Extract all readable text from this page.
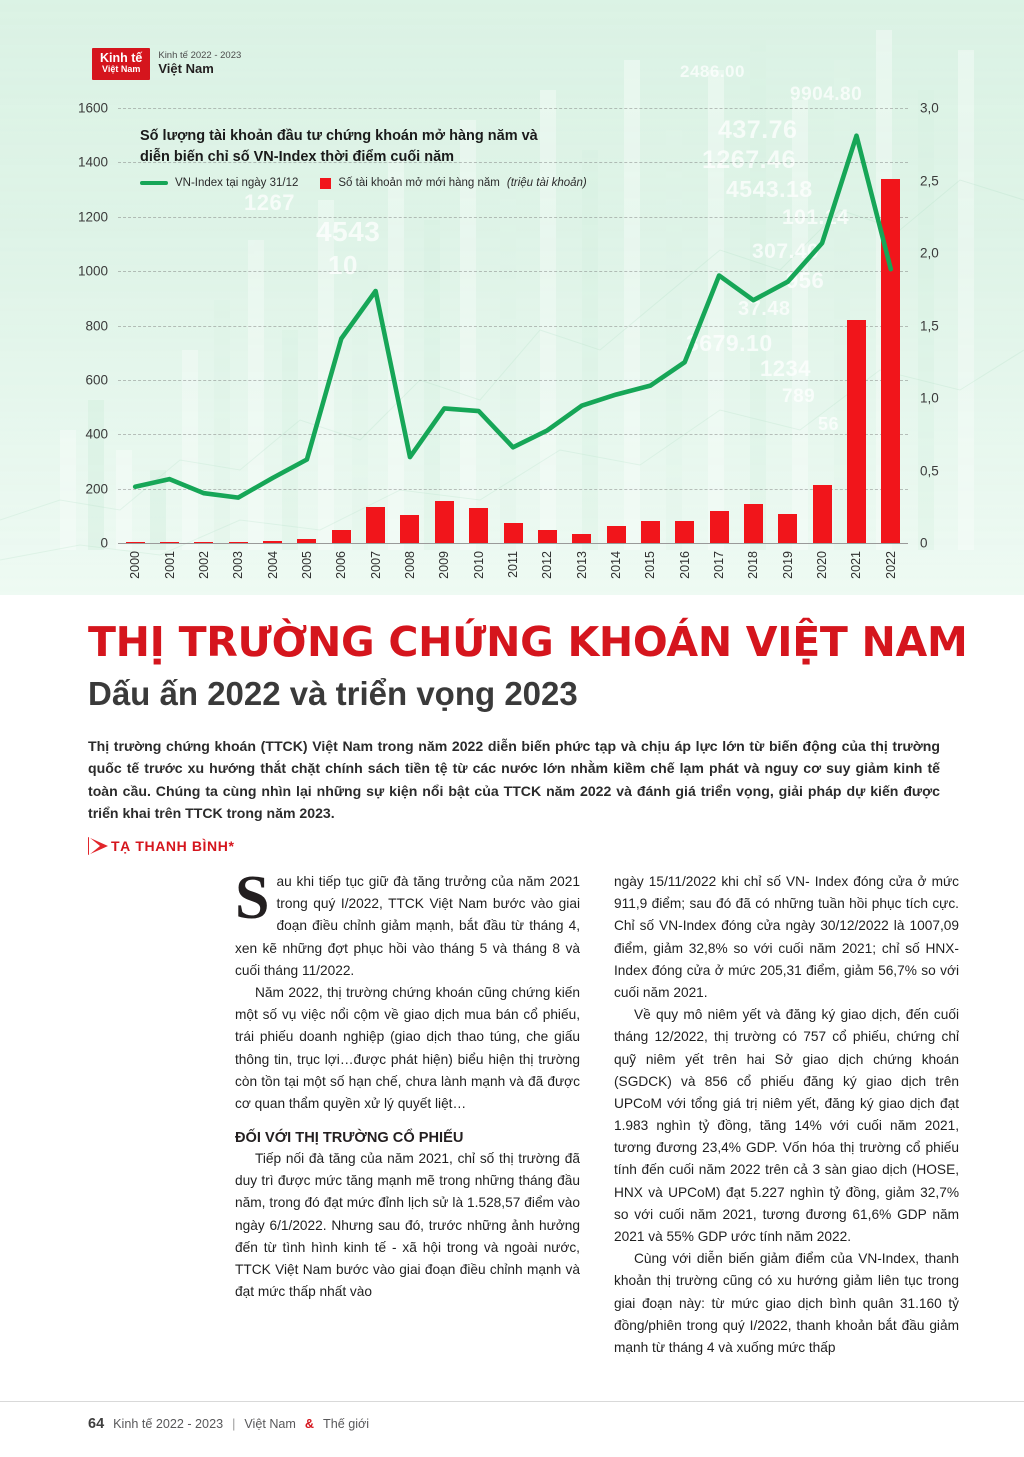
2486.00
9904.80
437.76
1267.46
4543.18
101.14
307.40
956
37.48
3679.10
1234
789
56
1267
4543
10
Kinh tế
Việt Nam
Kinh tế 2022 - 2023
Việt Nam
Số lượng tài khoản đầu tư chứng khoán mở hàng năm và diễn biến chỉ số VN-Index thời điểm cuối năm
VN-Index tại ngày 31/12	Số tài khoản mở mới hàng năm (triệu tài khoản)
0
200
400
600
800
1000
1200
1400
1600
0
0,5
1,0
1,5
2,0
2,5
3,0
2000 2001 2002 2003 2004 2005 2006 2007 2008 2009 2010 2011 2012 2013 2014 2015 2016 2017 2018 2019 2020 2021 2022
THỊ TRƯỜNG CHỨNG KHOÁN VIỆT NAM
Dấu ấn 2022 và triển vọng 2023
Thị trường chứng khoán (TTCK) Việt Nam trong năm 2022 diễn biến phức tạp và chịu áp lực lớn từ biến động của thị trường quốc tế trước xu hướng thắt chặt chính sách tiền tệ từ các nước lớn nhằm kiềm chế lạm phát và nguy cơ suy giảm kinh tế toàn cầu. Chúng ta cùng nhìn lại những sự kiện nổi bật của TTCK năm 2022 và đánh giá triển vọng, giải pháp dự kiến được triển khai trên TTCK trong năm 2023.
TẠ THANH BÌNH*

Sau khi tiếp tục giữ đà tăng trưởng của năm 2021 trong quý I/2022, TTCK Việt Nam bước vào giai đoạn điều chỉnh giảm mạnh, bắt đầu từ tháng 4, xen kẽ những đợt phục hồi vào tháng 5 và tháng 8 và cuối tháng 11/2022.

Năm 2022, thị trường chứng khoán cũng chứng kiến một số vụ việc nổi cộm về giao dịch mua bán cổ phiếu, trái phiếu doanh nghiệp (giao dịch thao túng, che giấu thông tin, trục lợi…được phát hiện) biểu hiện thị trường còn tồn tại một số hạn chế, chưa lành mạnh và đã được cơ quan thẩm quyền xử lý quyết liệt…

ĐỐI VỚI THỊ TRƯỜNG CỔ PHIẾU

Tiếp nối đà tăng của năm 2021, chỉ số thị trường đã duy trì được mức tăng mạnh mẽ trong những tháng đầu năm, trong đó đạt mức đỉnh lịch sử là 1.528,57 điểm vào ngày 6/1/2022. Nhưng sau đó, trước những ảnh hưởng đến từ tình hình kinh tế - xã hội trong và ngoài nước, TTCK Việt Nam bước vào giai đoạn điều chỉnh mạnh và đạt mức thấp nhất vào

ngày 15/11/2022 khi chỉ số VN- Index đóng cửa ở mức 911,9 điểm; sau đó đã có những tuần hồi phục tích cực. Chỉ số VN-Index đóng cửa ngày 30/12/2022 là 1007,09 điểm, giảm 32,8% so với cuối năm 2021; chỉ số HNX-Index đóng cửa ở mức 205,31 điểm, giảm 56,7% so với cuối năm 2021.

Về quy mô niêm yết và đăng ký giao dịch, đến cuối tháng 12/2022, thị trường có 757 cổ phiếu, chứng chỉ quỹ niêm yết trên hai Sở giao dịch chứng khoán (SGDCK) và 856 cổ phiếu đăng ký giao dịch trên UPCoM với tổng giá trị niêm yết, đăng ký giao dịch đạt 1.983 nghìn tỷ đồng, tăng 14% với cuối năm 2021, tương đương 23,4% GDP. Vốn hóa thị trường cổ phiếu tính đến cuối năm 2022 trên cả 3 sàn giao dịch (HOSE, HNX và UPCoM) đạt 5.227 nghìn tỷ đồng, giảm 32,7% so với cuối năm 2021, tương đương 61,6% GDP năm 2021 và 55% GDP ước tính năm 2022.

Cùng với diễn biến giảm điểm của VN-Index, thanh khoản thị trường cũng có xu hướng giảm liên tục trong giai đoạn này: từ mức giao dịch bình quân 31.160 tỷ đồng/phiên trong quý I/2022, thanh khoản bắt đầu giảm mạnh từ tháng 4 và xuống mức thấp

64 Kinh tế 2022 - 2023 | Việt Nam & Thế giới
